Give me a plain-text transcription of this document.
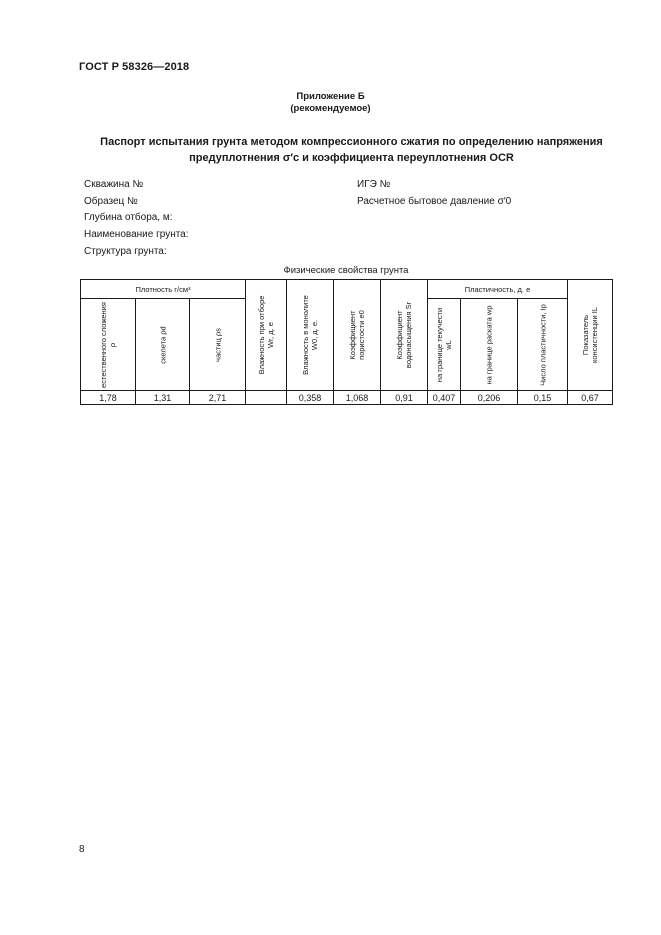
ГОСТ Р 58326—2018
Приложение Б
(рекомендуемое)
Паспорт испытания грунта методом компрессионного сжатия по определению напряжения
предуплотнения σ′c и коэффициента переуплотнения OCR
Скважина №	ИГЭ №
Образец №	Расчетное бытовое давление σ′0
Глубина отбора, м:
Наименование грунта:
Структура грунта:
Физические свойства грунта
Плотность г/см³			Влажность при отборе Wr, д. е	Влажность в монолите W0, д. е.	Коэффициент пористости e0	Коэффициент водонасыщения Sr	Пластичность, д. е			Показатель консистенции IL

естественного сложения ρ	скелета ρd	частиц ρs					на границе текучести wL	на границе раската wp	Число пластичности, Ip	

1,78	1,31	2,71		0,358	1,068	0,91	0,407	0,206	0,15	0,67
8
